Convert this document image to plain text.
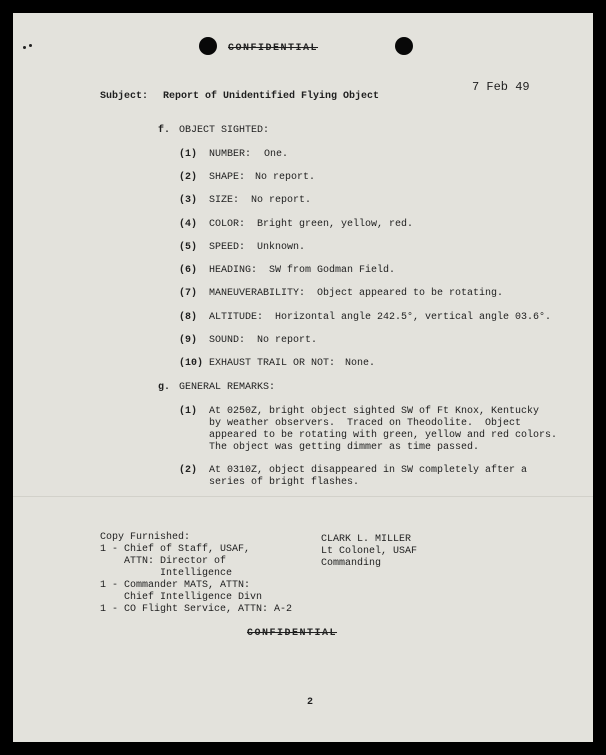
CONFIDENTIAL
Subject: Report of Unidentified Flying Object
7 Feb 49
f. OBJECT SIGHTED:
(1) NUMBER: One.
(2) SHAPE: No report.
(3) SIZE: No report.
(4) COLOR: Bright green, yellow, red.
(5) SPEED: Unknown.
(6) HEADING: SW from Godman Field.
(7) MANEUVERABILITY: Object appeared to be rotating.
(8) ALTITUDE: Horizontal angle 242.5°, vertical angle 03.6°.
(9) SOUND: No report.
(10) EXHAUST TRAIL OR NOT: None.
g. GENERAL REMARKS:
(1) At 0250Z, bright object sighted SW of Ft Knox, Kentucky
by weather observers.  Traced on Theodolite.  Object
appeared to be rotating with green, yellow and red colors.
The object was getting dimmer as time passed.
(2) At 0310Z, object disappeared in SW completely after a
series of bright flashes.
Copy Furnished:
1 - Chief of Staff, USAF,
ATTN: Director of
Intelligence
1 - Commander MATS, ATTN:
Chief Intelligence Divn
1 - CO Flight Service, ATTN: A-2
CLARK L. MILLER
Lt Colonel, USAF
Commanding
CONFIDENTIAL
2
